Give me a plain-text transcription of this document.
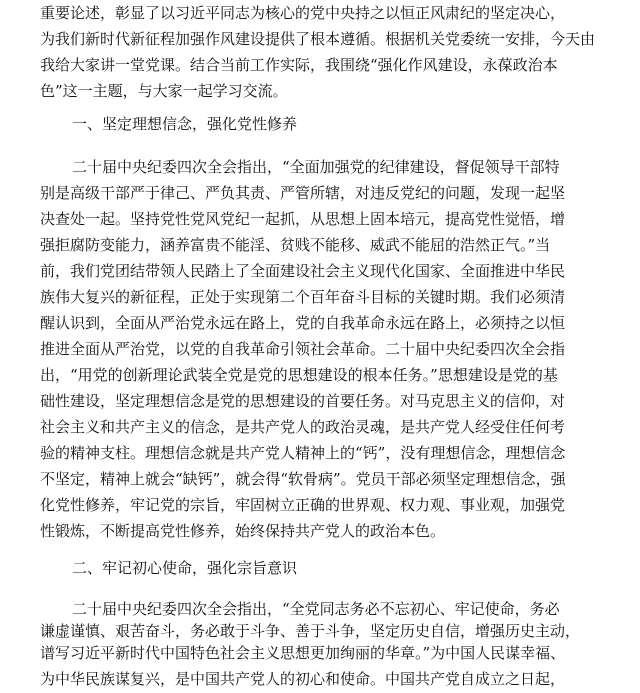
重要论述，彰显了以习近平同志为核心的党中央持之以恒正风肃纪的坚定决心，
为我们新时代新征程加强作风建设提供了根本遵循。根据机关党委统一安排，今天由
我给大家讲一堂党课。结合当前工作实际，我围绕“强化作风建设，永葆政治本
色”这一主题，与大家一起学习交流。
一、坚定理想信念，强化党性修养
二十届中央纪委四次全会指出，“全面加强党的纪律建设，督促领导干部特
别是高级干部严于律己、严负其责、严管所辖，对违反党纪的问题，发现一起坚
决查处一起。坚持党性党风党纪一起抓，从思想上固本培元，提高党性觉悟，增
强拒腐防变能力，涵养富贵不能淫、贫贱不能移、威武不能屈的浩然正气。”当
前，我们党团结带领人民踏上了全面建设社会主义现代化国家、全面推进中华民
族伟大复兴的新征程，正处于实现第二个百年奋斗目标的关键时期。我们必须清
醒认识到，全面从严治党永远在路上，党的自我革命永远在路上，必须持之以恒
推进全面从严治党，以党的自我革命引领社会革命。二十届中央纪委四次全会指
出，“用党的创新理论武装全党是党的思想建设的根本任务。”思想建设是党的基
础性建设，坚定理想信念是党的思想建设的首要任务。对马克思主义的信仰，对
社会主义和共产主义的信念，是共产党人的政治灵魂，是共产党人经受住任何考
验的精神支柱。理想信念就是共产党人精神上的“钙”，没有理想信念，理想信念
不坚定，精神上就会“缺钙”，就会得“软骨病”。党员干部必须坚定理想信念，强
化党性修养，牢记党的宗旨，牢固树立正确的世界观、权力观、事业观，加强党
性锻炼，不断提高党性修养，始终保持共产党人的政治本色。
二、牢记初心使命，强化宗旨意识
二十届中央纪委四次全会指出，“全党同志务必不忘初心、牢记使命，务必
谦虚谨慎、艰苦奋斗，务必敢于斗争、善于斗争，坚定历史自信，增强历史主动，
谱写习近平新时代中国特色社会主义思想更加绚丽的华章。”为中国人民谋幸福、
为中华民族谋复兴，是中国共产党人的初心和使命。中国共产党自成立之日起，
